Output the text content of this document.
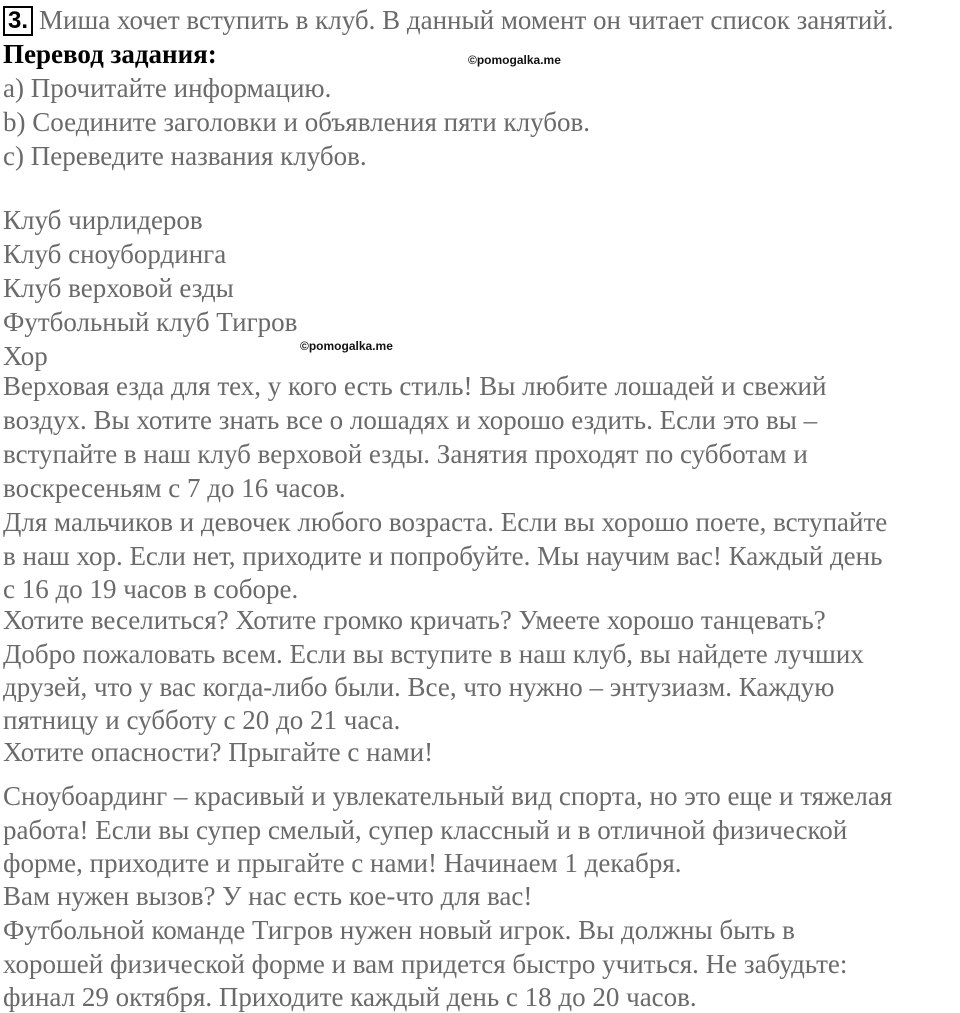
3. Миша хочет вступить в клуб. В данный момент он читает список занятий.
Перевод задания:	©pomogalka.me
a) Прочитайте информацию.
b) Соедините заголовки и объявления пяти клубов.
c) Переведите названия клубов.
Клуб чирлидеров
Клуб сноубординга
Клуб верховой езды
Футбольный клуб Тигров
Хор	©pomogalka.me
Верховая езда для тех, у кого есть стиль! Вы любите лошадей и свежий
воздух. Вы хотите знать все о лошадях и хорошо ездить. Если это вы –
вступайте в наш клуб верховой езды. Занятия проходят по субботам и
воскресеньям с 7 до 16 часов.
Для мальчиков и девочек любого возраста. Если вы хорошо поете, вступайте
в наш хор. Если нет, приходите и попробуйте. Мы научим вас! Каждый день
с 16 до 19 часов в соборе.
Хотите веселиться? Хотите громко кричать? Умеете хорошо танцевать?
Добро пожаловать всем. Если вы вступите в наш клуб, вы найдете лучших
друзей, что у вас когда-либо были. Все, что нужно – энтузиазм. Каждую
пятницу и субботу с 20 до 21 часа.
Хотите опасности? Прыгайте с нами!
Сноубоардинг – красивый и увлекательный вид спорта, но это еще и тяжелая
работа! Если вы супер смелый, супер классный и в отличной физической
форме, приходите и прыгайте с нами! Начинаем 1 декабря.
Вам нужен вызов? У нас есть кое-что для вас!
Футбольной команде Тигров нужен новый игрок. Вы должны быть в
хорошей физической форме и вам придется быстро учиться. Не забудьте:
финал 29 октября. Приходите каждый день с 18 до 20 часов.
